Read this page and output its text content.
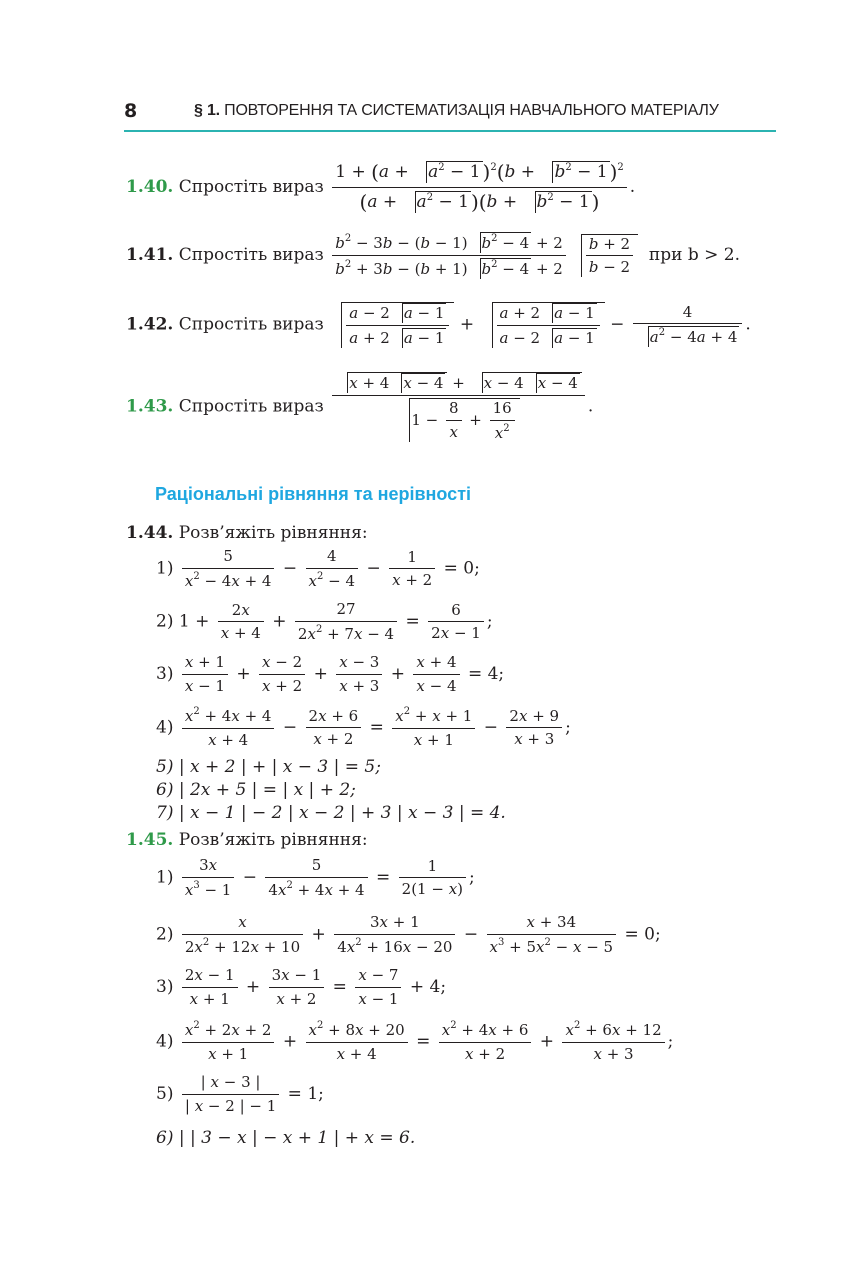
8	§ 1. ПОВТОРЕННЯ ТА СИСТЕМАТИЗАЦІЯ НАВЧАЛЬНОГО МАТЕРІАЛУ
1.40. Спростіть вираз $\frac{1 + (a + a^2 - 1 )^2(b + b^2 - 1 )^2}{(a + a^2 - 1 )(b + b^2 - 1 )}$ .
1.41. Спростіть вираз $\frac{b^2 - 3b - (b - 1) b^2 - 4 + 2}{b^2 + 3b - (b + 1) b^2 - 4 + 2} \frac{b + 2}{b - 2}$ при b > 2.
1.42. Спростіть вираз $\frac{a - 2 a - 1}{a + 2 a - 1} + \frac{a + 2 a - 1}{a - 2 a - 1} - \frac{4}{a^2 - 4a + 4}$ .
1.43. Спростіть вираз $\frac{x + 4 x - 4 + x - 4 x - 4}{1 - \frac{8}{x} + \frac{16}{x^2}}$ .
Раціональні рівняння та нерівності
1.44. Розв’яжіть рівняння:
$1) \frac{5}{x^2 - 4x + 4} - \frac{4}{x^2 - 4} - \frac{1}{x + 2} = 0$;
2) $1 + \frac{2x}{x + 4} + \frac{27}{2x^2 + 7x - 4} = \frac{6}{2x - 1}$ ;
$3) \frac{x + 1}{x - 1} + \frac{x - 2}{x + 2} + \frac{x - 3}{x + 3} + \frac{x + 4}{x - 4} = 4$;
$4) \frac{x^2 + 4x + 4}{x + 4} - \frac{2x + 6}{x + 2} = \frac{x^2 + x + 1}{x + 1} - \frac{2x + 9}{x + 3}$ ;
5) | x + 2 | + | x − 3 | = 5;
6) | 2x + 5 | = | x | + 2;
7) | x − 1 | − 2 | x − 2 | + 3 | x − 3 | = 4.
1.45. Розв’яжіть рівняння:
$1) \frac{3x}{x^3 - 1} - \frac{5}{4x^2 + 4x + 4} = \frac{1}{2(1 - x)}$ ;
$2) \frac{x}{2x^2 + 12x + 10} + \frac{3x + 1}{4x^2 + 16x - 20} - \frac{x + 34}{x^3 + 5x^2 - x - 5} = 0$;
$3) \frac{2x - 1}{x + 1} + \frac{3x - 1}{x + 2} = \frac{x - 7}{x - 1} + 4$;
$4) \frac{x^2 + 2x + 2}{x + 1} + \frac{x^2 + 8x + 20}{x + 4} = \frac{x^2 + 4x + 6}{x + 2} + \frac{x^2 + 6x + 12}{x + 3}$ ;
$5) \frac{| x - 3 |}{| x - 2 | - 1} = 1$;
6) | | 3 − x | − x + 1 | + x = 6.
